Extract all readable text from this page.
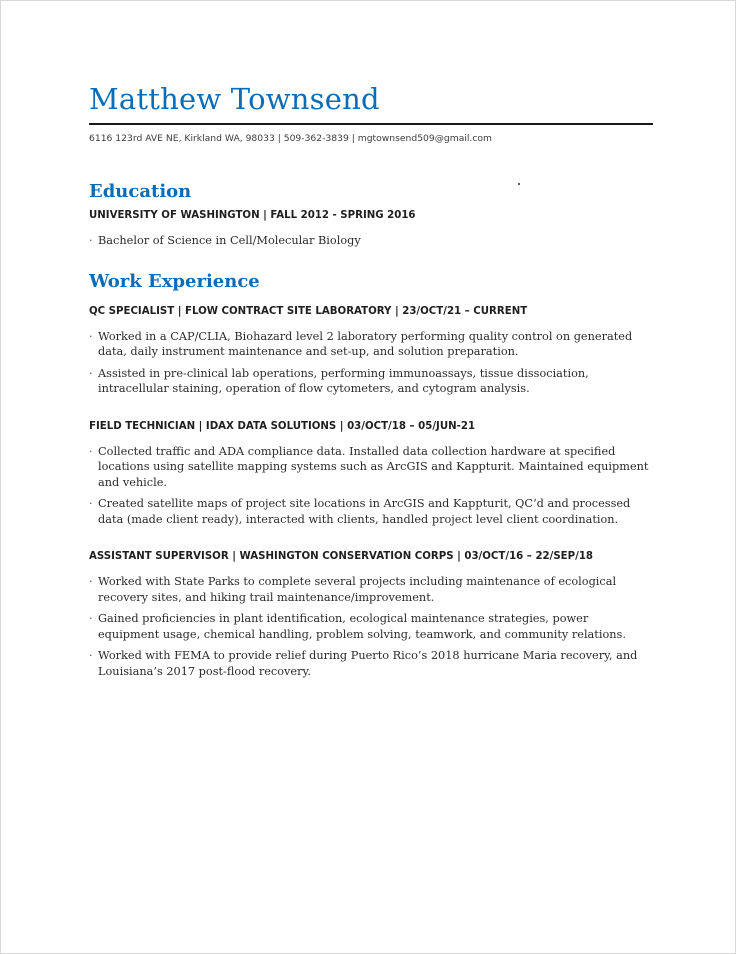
Matthew Townsend
6116 123rd AVE NE, Kirkland WA, 98033 | 509-362-3839 | mgtownsend509@gmail.com
Education
UNIVERSITY OF WASHINGTON | FALL 2012 - SPRING 2016
· Bachelor of Science in Cell/Molecular Biology
Work Experience
QC SPECIALIST | FLOW CONTRACT SITE LABORATORY | 23/OCT/21 – CURRENT
· Worked in a CAP/CLIA, Biohazard level 2 laboratory performing quality control on generated data, daily instrument maintenance and set-up, and solution preparation.
· Assisted in pre-clinical lab operations, performing immunoassays, tissue dissociation, intracellular staining, operation of flow cytometers, and cytogram analysis.
FIELD TECHNICIAN | IDAX DATA SOLUTIONS | 03/OCT/18 – 05/JUN-21
· Collected traffic and ADA compliance data. Installed data collection hardware at specified locations using satellite mapping systems such as ArcGIS and Kappturit. Maintained equipment and vehicle.
· Created satellite maps of project site locations in ArcGIS and Kappturit, QC’d and processed data (made client ready), interacted with clients, handled project level client coordination.
ASSISTANT SUPERVISOR | WASHINGTON CONSERVATION CORPS | 03/OCT/16 – 22/SEP/18
· Worked with State Parks to complete several projects including maintenance of ecological recovery sites, and hiking trail maintenance/improvement.
· Gained proficiencies in plant identification, ecological maintenance strategies, power equipment usage, chemical handling, problem solving, teamwork, and community relations.
· Worked with FEMA to provide relief during Puerto Rico’s 2018 hurricane Maria recovery, and Louisiana’s 2017 post-flood recovery.
